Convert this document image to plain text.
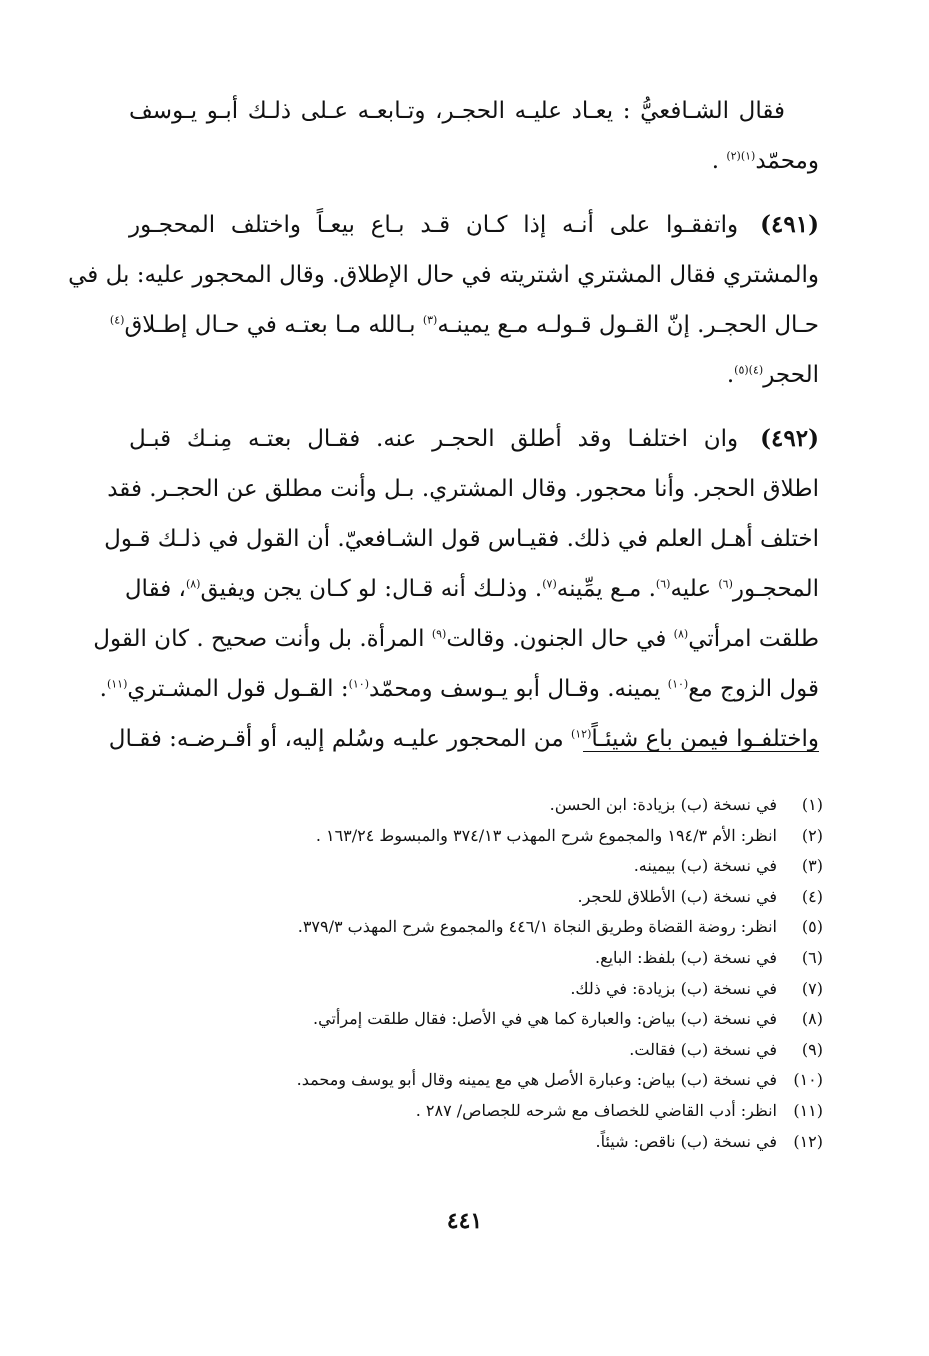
فقال الشـافعيُّ : يعـاد عليـه الحجـر، وتـابعـه عـلى ذلـك أبـو يـوسف
ومحمّد$^{(١)(٢)}$ .
(٤٩١)واتفقـوا على أنـه إذا كـان قـد بـاع بيعـاً واختلف المحجـور
والمشتري فقال المشتري اشتريته في حال الإطلاق. وقال المحجور عليه: بل في
حـال الحجـر. إنّ القـول قـولـه مـع يمينـه$^{(٣)}$ بـالله مـا بعتـه في حـال إطـلاق$^{(٤)}$
الحجر$^{(٤)(٥)}$.
(٤٩٢)وان اختلفـا وقد أطلق الحجـر عنه. فقـال بعتـه مِنـك قبـل
اطلاق الحجر. وأنا محجور. وقال المشتري. بـل وأنت مطلق عن الحجـر. فقد
اختلف أهـل العلم في ذلك. فقيـاس قول الشـافعيّ. أن القول في ذلـك قـول
المحجـور$^{(٦)}$ عليه$^{(٦)}$. مـع يمِّينه$^{(٧)}$. وذلـك أنه قـال: لو كـان يجن ويفيق$^{(٨)}$، فقال
طلقت امرأتي$^{(٨)}$ في حال الجنون. وقالت$^{(٩)}$ المرأة. بل وأنت صحيح . كان القول
قول الزوج مع$^{(١٠)}$ يمينه. وقـال أبو يـوسف ومحمّد$^{(١٠)}$: القـول قول المشـتري$^{(١١)}$.
واختلفـوا فيمن باع شيئـاً$^{(١٢)}$ من المحجور عليـه وسُلم إليه، أو أقـرضـه: فقـال
(١)
في نسخة (ب) بزيادة: ابن الحسن.
(٢)
انظر: الأم ١٩٤/٣ والمجموع شرح المهذب ٣٧٤/١٣ والمبسوط ١٦٣/٢٤ .
(٣)
في نسخة (ب) بيمينه.
(٤)
في نسخة (ب) الأطلاق للحجر.
(٥)
انظر: روضة القضاة وطريق النجاة ٤٤٦/١ والمجموع شرح المهذب ٣٧٩/٣.
(٦)
في نسخة (ب) بلفظ: البايع.
(٧)
في نسخة (ب) بزيادة: في ذلك.
(٨)
في نسخة (ب) بياض: والعبارة كما هي في الأصل: فقال طلقت إمرأتي.
(٩)
في نسخة (ب) فقالت.
(١٠)
في نسخة (ب) بياض: وعبارة الأصل هي مع يمينه وقال أبو يوسف ومحمد.
(١١)
انظر: أدب القاضي للخصاف مع شرحه للجصاص/ ٢٨٧ .
(١٢)
في نسخة (ب) ناقص: شيئاً.
٤٤١
